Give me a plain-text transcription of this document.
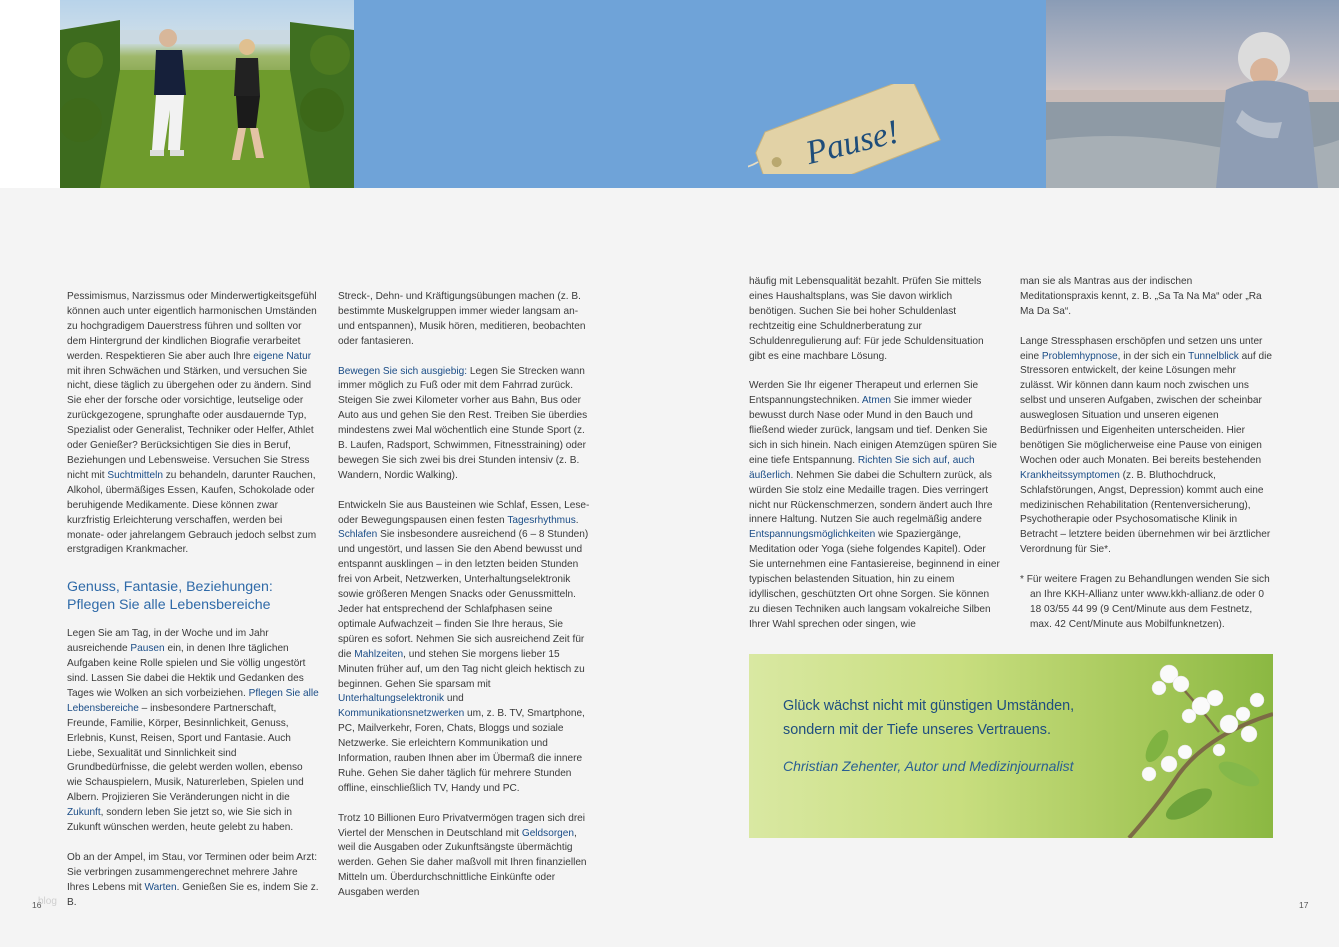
Pause!

Pessimismus, Narzissmus oder Minderwertigkeitsgefühl können auch unter eigentlich harmonischen Umständen zu hochgradigem Dauerstress führen und sollten vor dem Hintergrund der kindlichen Biografie verarbeitet werden. Respektieren Sie aber auch Ihre eigene Natur mit ihren Schwächen und Stärken, und versuchen Sie nicht, diese täglich zu übergehen oder zu ändern. Sind Sie eher der forsche oder vorsichtige, leutselige oder zurückgezogene, sprunghafte oder ausdauernde Typ, Spezialist oder Generalist, Techniker oder Helfer, Athlet oder Genießer? Berücksichtigen Sie dies in Beruf, Beziehungen und Lebensweise. Versuchen Sie Stress nicht mit Suchtmitteln zu behandeln, darunter Rauchen, Alkohol, übermäßiges Essen, Kaufen, Schokolade oder beruhigende Medikamente. Diese können zwar kurzfristig Erleichterung verschaffen, werden bei monate- oder jahrelangem Gebrauch jedoch selbst zum erstgradigen Krankmacher.

Genuss, Fantasie, Beziehungen:
Pflegen Sie alle Lebensbereiche

Legen Sie am Tag, in der Woche und im Jahr ausreichende Pausen ein, in denen Ihre täglichen Aufgaben keine Rolle spielen und Sie völlig ungestört sind. Lassen Sie dabei die Hektik und Gedanken des Tages wie Wolken an sich vorbeiziehen. Pflegen Sie alle Lebensbereiche – insbesondere Partnerschaft, Freunde, Familie, Körper, Besinnlichkeit, Genuss, Erlebnis, Kunst, Reisen, Sport und Fantasie. Auch Liebe, Sexualität und Sinnlichkeit sind Grundbedürfnisse, die gelebt werden wollen, ebenso wie Schauspielern, Musik, Naturerleben, Spielen und Albern. Projizieren Sie Veränderungen nicht in die Zukunft, sondern leben Sie jetzt so, wie Sie sich in Zukunft wünschen werden, heute gelebt zu haben.

Ob an der Ampel, im Stau, vor Terminen oder beim Arzt: Sie verbringen zusammengerechnet mehrere Jahre Ihres Lebens mit Warten. Genießen Sie es, indem Sie z. B.

Streck-, Dehn- und Kräftigungsübungen machen (z. B. bestimmte Muskelgruppen immer wieder langsam an- und entspannen), Musik hören, meditieren, beobachten oder fantasieren.

Bewegen Sie sich ausgiebig: Legen Sie Strecken wann immer möglich zu Fuß oder mit dem Fahrrad zurück. Steigen Sie zwei Kilometer vorher aus Bahn, Bus oder Auto aus und gehen Sie den Rest. Treiben Sie überdies mindestens zwei Mal wöchentlich eine Stunde Sport (z. B. Laufen, Radsport, Schwimmen, Fitnesstraining) oder bewegen Sie sich zwei bis drei Stunden intensiv (z. B. Wandern, Nordic Walking).

Entwickeln Sie aus Bausteinen wie Schlaf, Essen, Lese- oder Bewegungspausen einen festen Tagesrhythmus. Schlafen Sie insbesondere ausreichend (6 – 8 Stunden) und ungestört, und lassen Sie den Abend bewusst und entspannt ausklingen – in den letzten beiden Stunden frei von Arbeit, Netzwerken, Unterhaltungselektronik sowie größeren Mengen Snacks oder Genussmitteln. Jeder hat entsprechend der Schlafphasen seine optimale Aufwachzeit – finden Sie Ihre heraus, Sie spüren es sofort. Nehmen Sie sich ausreichend Zeit für die Mahlzeiten, und stehen Sie morgens lieber 15 Minuten früher auf, um den Tag nicht gleich hektisch zu beginnen. Gehen Sie sparsam mit Unterhaltungselektronik und Kommunikationsnetzwerken um, z. B. TV, Smartphone, PC, Mailverkehr, Foren, Chats, Bloggs und soziale Netzwerke. Sie erleichtern Kommunikation und Information, rauben Ihnen aber im Übermaß die innere Ruhe. Gehen Sie daher täglich für mehrere Stunden offline, einschließlich TV, Handy und PC.

Trotz 10 Billionen Euro Privatvermögen tragen sich drei Viertel der Menschen in Deutschland mit Geldsorgen, weil die Ausgaben oder Zukunftsängste übermächtig werden. Gehen Sie daher maßvoll mit Ihren finanziellen Mitteln um. Überdurchschnittliche Einkünfte oder Ausgaben werden

häufig mit Lebensqualität bezahlt. Prüfen Sie mittels eines Haushaltsplans, was Sie davon wirklich benötigen. Suchen Sie bei hoher Schuldenlast rechtzeitig eine Schuldnerberatung zur Schuldenregulierung auf: Für jede Schuldensituation gibt es eine machbare Lösung.

Werden Sie Ihr eigener Therapeut und erlernen Sie Entspannungstechniken. Atmen Sie immer wieder bewusst durch Nase oder Mund in den Bauch und fließend wieder zurück, langsam und tief. Denken Sie sich in sich hinein. Nach einigen Atemzügen spüren Sie eine tiefe Entspannung. Richten Sie sich auf, auch äußerlich. Nehmen Sie dabei die Schultern zurück, als würden Sie stolz eine Medaille tragen. Dies verringert nicht nur Rückenschmerzen, sondern ändert auch Ihre innere Haltung. Nutzen Sie auch regelmäßig andere Entspannungsmöglichkeiten wie Spaziergänge, Meditation oder Yoga (siehe folgendes Kapitel). Oder Sie unternehmen eine Fantasiereise, beginnend in einer typischen belastenden Situation, hin zu einem idyllischen, geschützten Ort ohne Sorgen. Sie können zu diesen Techniken auch langsam vokalreiche Silben Ihrer Wahl sprechen oder singen, wie

man sie als Mantras aus der indischen Meditationspraxis kennt, z. B. „Sa Ta Na Ma“ oder „Ra Ma Da Sa“.

Lange Stressphasen erschöpfen und setzen uns unter eine Problemhypnose, in der sich ein Tunnelblick auf die Stressoren entwickelt, der keine Lösungen mehr zulässt. Wir können dann kaum noch zwischen uns selbst und unseren Aufgaben, zwischen der scheinbar ausweglosen Situation und unseren eigenen Bedürfnissen und Eigenheiten unterscheiden. Hier benötigen Sie möglicherweise eine Pause von einigen Wochen oder auch Monaten. Bei bereits bestehenden Krankheitssymptomen (z. B. Bluthochdruck, Schlafstörungen, Angst, Depression) kommt auch eine medizinischen Rehabilitation (Rentenversicherung), Psychotherapie oder Psychosomatische Klinik in Betracht – letztere beiden übernehmen wir bei ärztlicher Verordnung für Sie*.

* Für weitere Fragen zu Behandlungen wenden Sie sich an Ihre KKH-Allianz unter www.kkh-allianz.de oder 0 18 03/55 44 99 (9 Cent/Minute aus dem Festnetz, max. 42 Cent/Minute aus Mobilfunknetzen).

Glück wächst nicht mit günstigen Umständen,
sondern mit der Tiefe unseres Vertrauens.
Christian Zehenter, Autor und Medizinjournalist
16
blog	17
